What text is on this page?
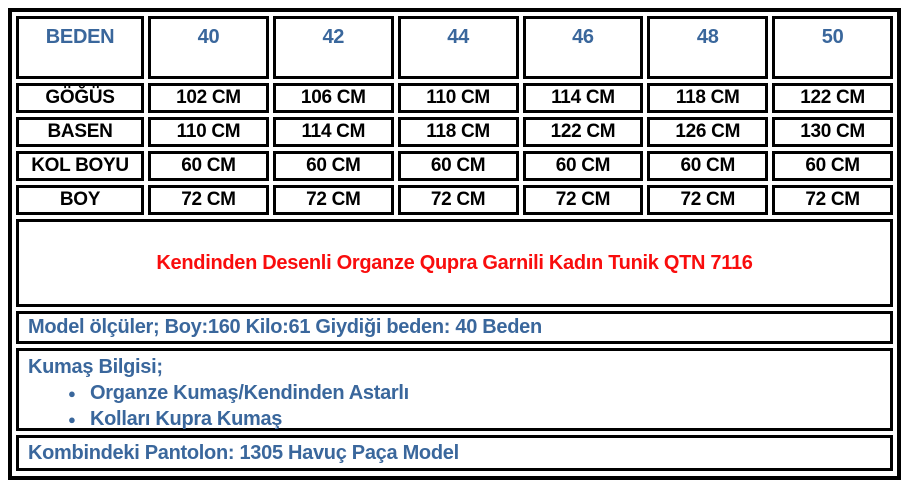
BEDEN	40	42	44	46	48	50
GÖĞÜS	102 CM	106 CM	110 CM	114 CM	118 CM	122 CM
BASEN	110 CM	114 CM	118 CM	122 CM	126 CM	130 CM
KOL BOYU	60 CM	60 CM	60 CM	60 CM	60 CM	60 CM
BOY	72 CM	72 CM	72 CM	72 CM	72 CM	72 CM
Kendinden Desenli Organze Qupra Garnili Kadın Tunik QTN 7116
Model ölçüler; Boy:160 Kilo:61 Giydiği beden: 40 Beden
Kumaş Bilgisi;
● Organze Kumaş/Kendinden Astarlı
● Kolları Kupra Kumaş
Kombindeki Pantolon: 1305 Havuç Paça Model
